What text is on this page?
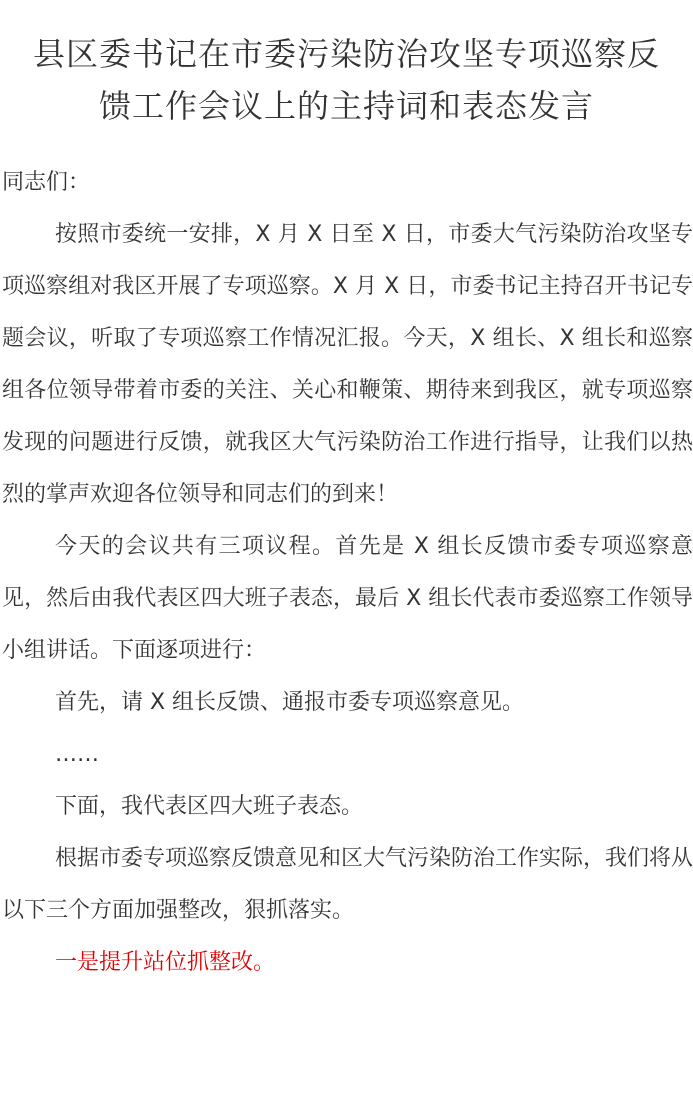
县区委书记在市委污染防治攻坚专项巡察反
馈工作会议上的主持词和表态发言

同志们：

按照市委统一安排，X 月 X 日至 X 日，市委大气污染防治攻坚专项巡察组对我区开展了专项巡察。X 月 X 日，市委书记主持召开书记专题会议，听取了专项巡察工作情况汇报。今天，X 组长、X 组长和巡察组各位领导带着市委的关注、关心和鞭策、期待来到我区，就专项巡察发现的问题进行反馈，就我区大气污染防治工作进行指导，让我们以热烈的掌声欢迎各位领导和同志们的到来！

今天的会议共有三项议程。首先是 X 组长反馈市委专项巡察意见，然后由我代表区四大班子表态，最后 X 组长代表市委巡察工作领导小组讲话。下面逐项进行：

首先，请 X 组长反馈、通报市委专项巡察意见。

……

下面，我代表区四大班子表态。

根据市委专项巡察反馈意见和区大气污染防治工作实际，我们将从以下三个方面加强整改，狠抓落实。

一是提升站位抓整改。
